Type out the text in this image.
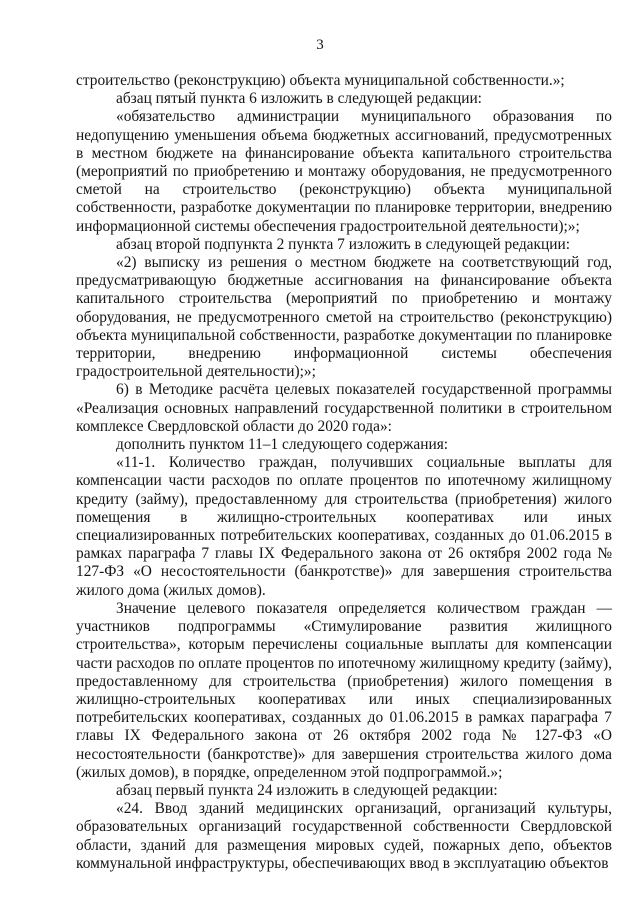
3

строительство (реконструкцию) объекта муниципальной собственности.»;

абзац пятый пункта 6 изложить в следующей редакции:

«обязательство администрации муниципального образования по недопущению уменьшения объема бюджетных ассигнований, предусмотренных в местном бюджете на финансирование объекта капитального строительства (мероприятий по приобретению и монтажу оборудования, не предусмотренного сметой на строительство (реконструкцию) объекта муниципальной собственности, разработке документации по планировке территории, внедрению информационной системы обеспечения градостроительной деятельности);»;

абзац второй подпункта 2 пункта 7 изложить в следующей редакции:

«2) выписку из решения о местном бюджете на соответствующий год, предусматривающую бюджетные ассигнования на финансирование объекта капитального строительства (мероприятий по приобретению и монтажу оборудования, не предусмотренного сметой на строительство (реконструкцию) объекта муниципальной собственности, разработке документации по планировке территории, внедрению информационной системы обеспечения градостроительной деятельности);»;

6) в Методике расчёта целевых показателей государственной программы «Реализация основных направлений государственной политики в строительном комплексе Свердловской области до 2020 года»:

дополнить пунктом 11–1 следующего содержания:

«11-1. Количество граждан, получивших социальные выплаты для компенсации части расходов по оплате процентов по ипотечному жилищному кредиту (займу), предоставленному для строительства (приобретения) жилого помещения в жилищно-строительных кооперативах или иных специализированных потребительских кооперативах, созданных до 01.06.2015 в рамках параграфа 7 главы IX Федерального закона от 26 октября 2002 года № 127-ФЗ «О несостоятельности (банкротстве)» для завершения строительства жилого дома (жилых домов).

Значение целевого показателя определяется количеством граждан — участников подпрограммы «Стимулирование развития жилищного строительства», которым перечислены социальные выплаты для компенсации части расходов по оплате процентов по ипотечному жилищному кредиту (займу), предоставленному для строительства (приобретения) жилого помещения в жилищно-строительных кооперативах или иных специализированных потребительских кооперативах, созданных до 01.06.2015 в рамках параграфа 7 главы IX Федерального закона от 26 октября 2002 года № 127-ФЗ «О несостоятельности (банкротстве)» для завершения строительства жилого дома (жилых домов), в порядке, определенном этой подпрограммой.»;

абзац первый пункта 24 изложить в следующей редакции:

«24. Ввод зданий медицинских организаций, организаций культуры, образовательных организаций государственной собственности Свердловской области, зданий для размещения мировых судей, пожарных депо, объектов коммунальной инфраструктуры, обеспечивающих ввод в эксплуатацию объектов
